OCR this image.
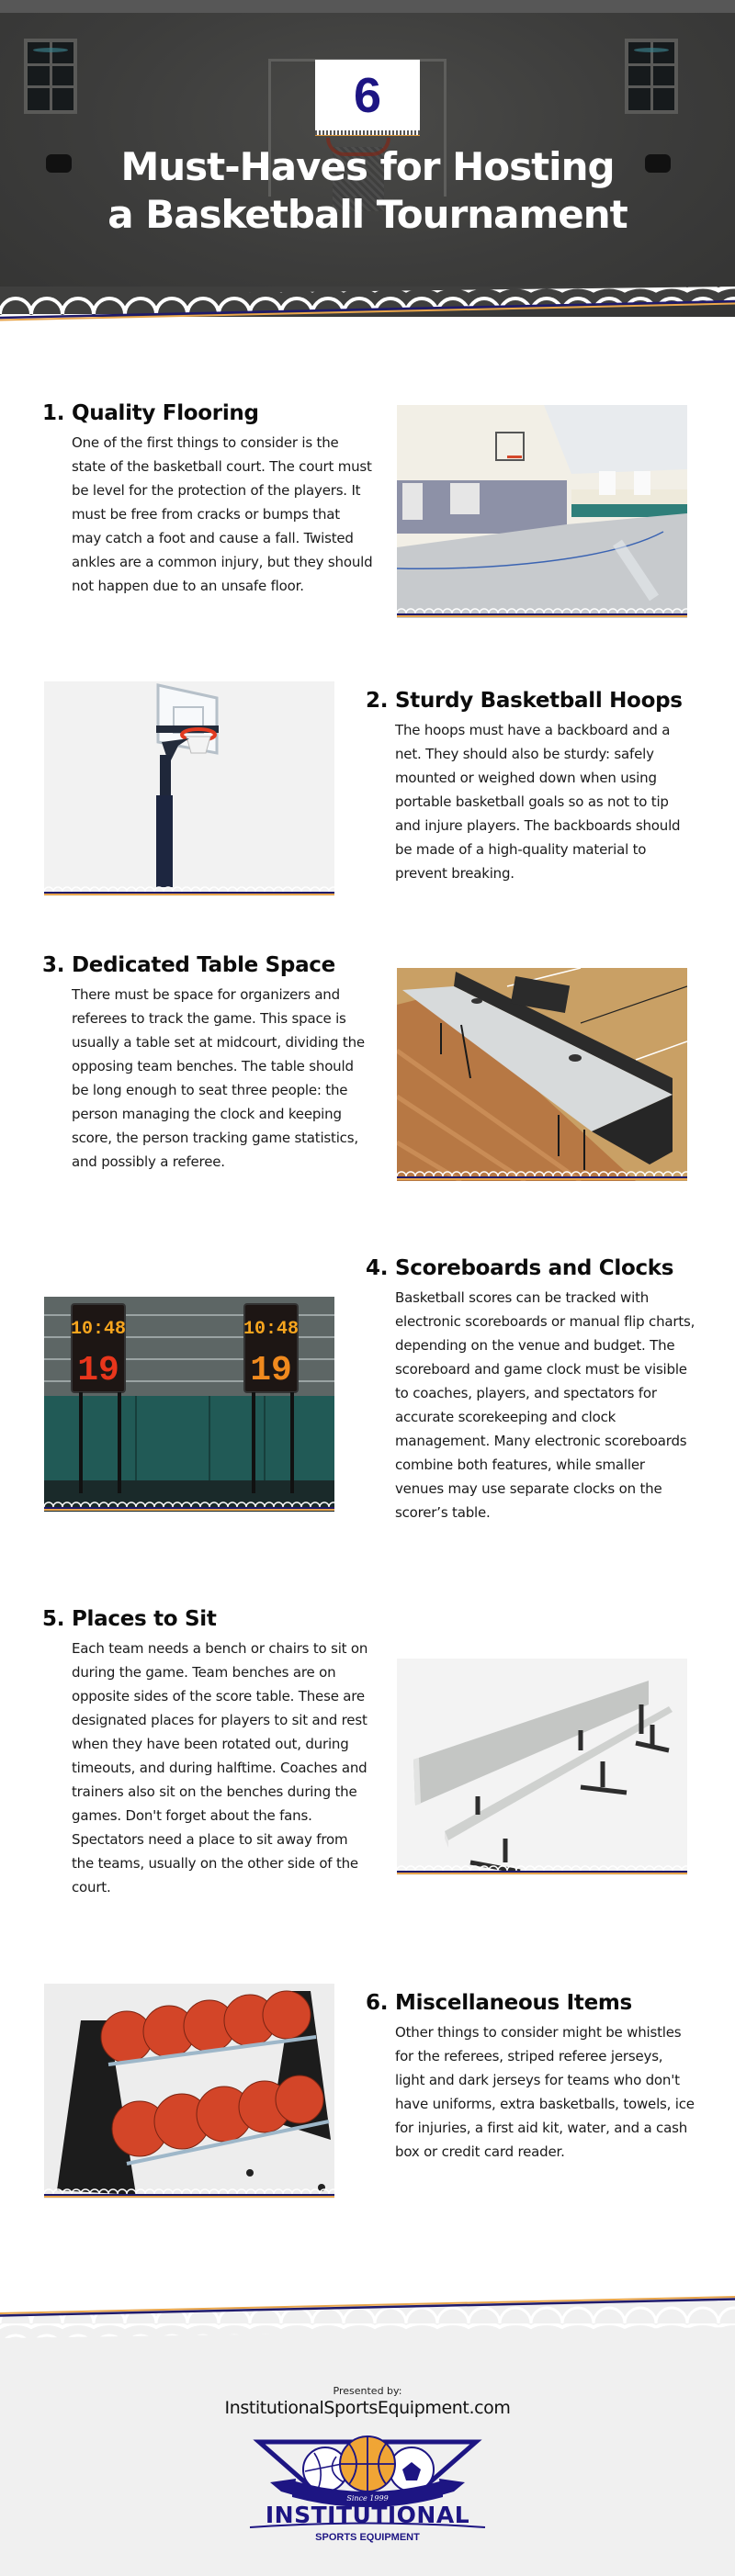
6
Must-Haves for Hosting
a Basketball Tournament
1. Quality Flooring
One of the first things to consider is the state of the basketball court. The court must be level for the protection of the players. It must be free from cracks or bumps that may catch a foot and cause a fall. Twisted ankles are a common injury, but they should not happen due to an unsafe floor.
2. Sturdy Basketball Hoops
The hoops must have a backboard and a net. They should also be sturdy: safely mounted or weighed down when using portable basketball goals so as not to tip and injure players. The backboards should be made of a high-quality material to prevent breaking.
3. Dedicated Table Space
There must be space for organizers and referees to track the game. This space is usually a table set at midcourt, dividing the opposing team benches. The table should be long enough to seat three people: the person managing the clock and keeping score, the person tracking game statistics, and possibly a referee.
10:48
19
10:48
19
4. Scoreboards and Clocks
Basketball scores can be tracked with electronic scoreboards or manual flip charts, depending on the venue and budget. The scoreboard and game clock must be visible to coaches, players, and spectators for accurate scorekeeping and clock management. Many electronic scoreboards combine both features, while smaller venues may use separate clocks on the scorer’s table.
5. Places to Sit
Each team needs a bench or chairs to sit on during the game. Team benches are on opposite sides of the score table. These are designated places for players to sit and rest when they have been rotated out, during timeouts, and during halftime. Coaches and trainers also sit on the benches during the games. Don't forget about the fans. Spectators need a place to sit away from the teams, usually on the other side of the court.
6. Miscellaneous Items
Other things to consider might be whistles for the referees, striped referee jerseys, light and dark jerseys for teams who don't have uniforms, extra basketballs, towels, ice for injuries, a first aid kit, water, and a cash box or credit card reader.
Presented by:
InstitutionalSportsEquipment.com
Since 1999
INSTITUTIONAL
SPORTS EQUIPMENT
